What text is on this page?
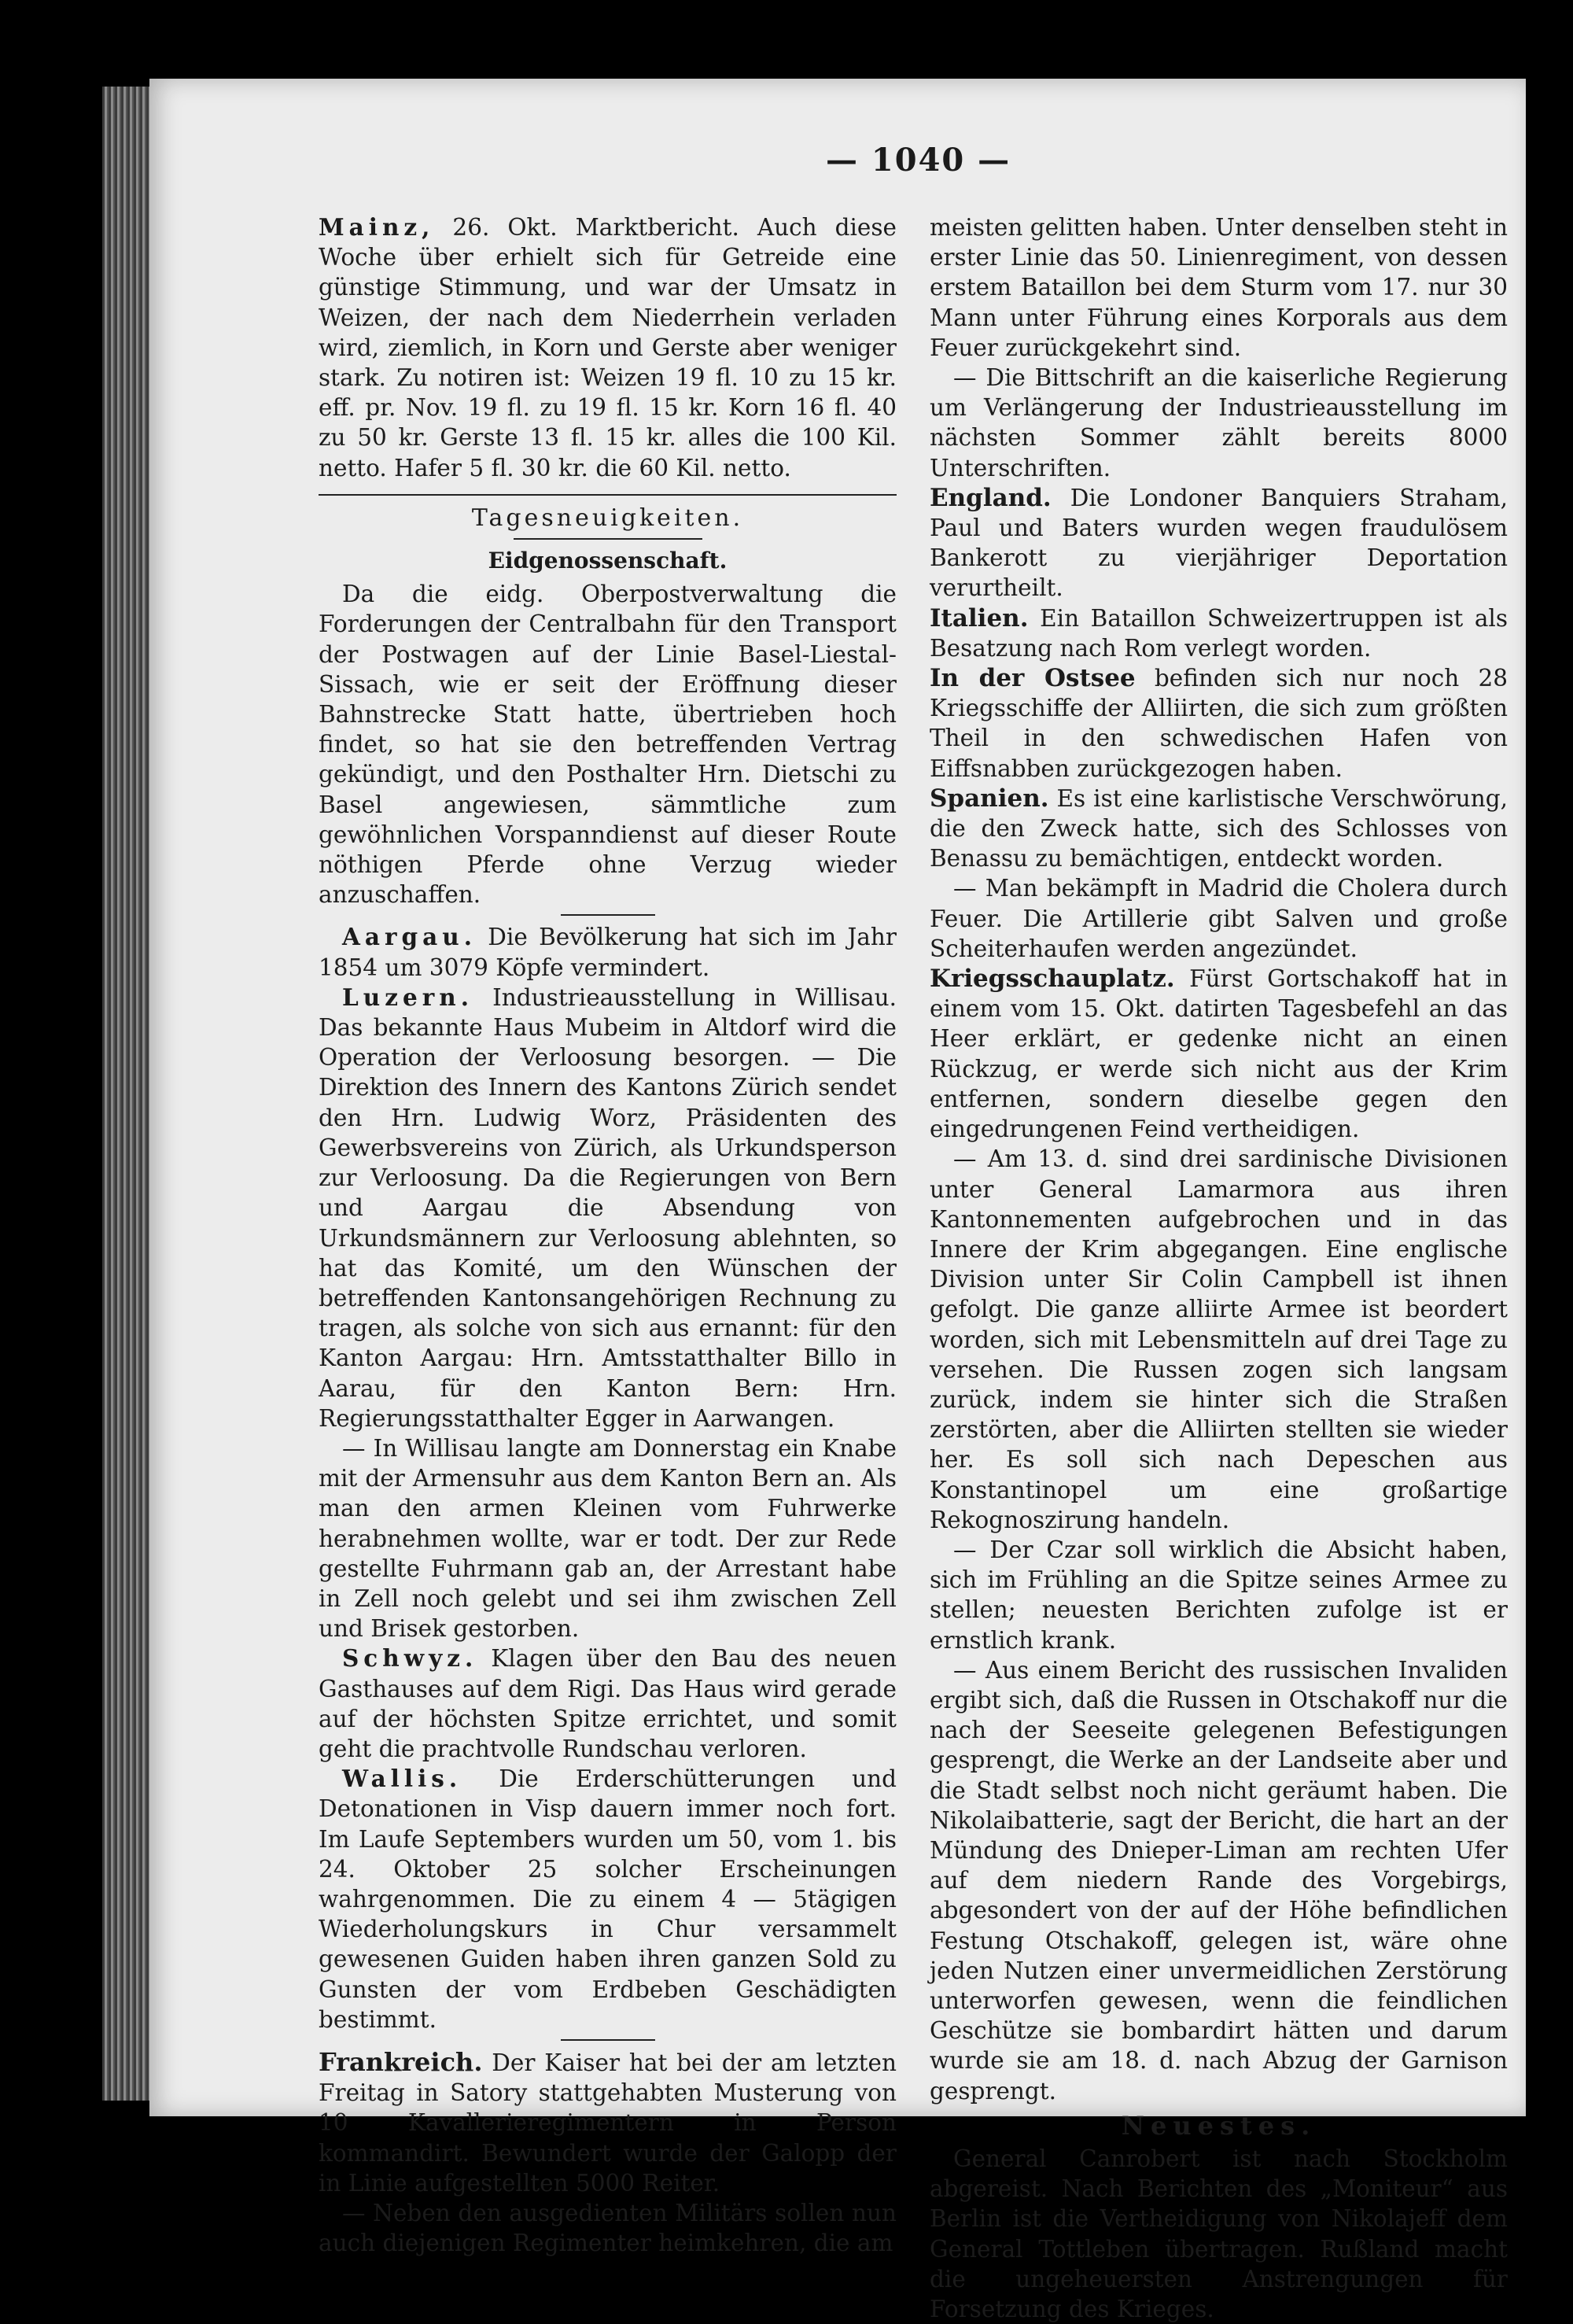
— 1040 —

Mainz, 26. Okt. Marktbericht. Auch diese Woche über erhielt sich für Getreide eine günstige Stimmung, und war der Umsatz in Weizen, der nach dem Niederrhein verladen wird, ziemlich, in Korn und Gerste aber weniger stark. Zu notiren ist: Weizen 19 fl. 10 zu 15 kr. eff. pr. Nov. 19 fl. zu 19 fl. 15 kr. Korn 16 fl. 40 zu 50 kr. Gerste 13 fl. 15 kr. alles die 100 Kil. netto. Hafer 5 fl. 30 kr. die 60 Kil. netto.

Tagesneuigkeiten.
Eidgenossenschaft.

Da die eidg. Oberpostverwaltung die Forderungen der Centralbahn für den Transport der Postwagen auf der Linie Basel-Liestal-Sissach, wie er seit der Eröffnung dieser Bahnstrecke Statt hatte, übertrieben hoch findet, so hat sie den betreffenden Vertrag gekündigt, und den Posthalter Hrn. Dietschi zu Basel angewiesen, sämmtliche zum gewöhnlichen Vorspanndienst auf dieser Route nöthigen Pferde ohne Verzug wieder anzuschaffen.

Aargau. Die Bevölkerung hat sich im Jahr 1854 um 3079 Köpfe vermindert.

Luzern. Industrieausstellung in Willisau. Das bekannte Haus Mubeim in Altdorf wird die Operation der Verloosung besorgen. — Die Direktion des Innern des Kantons Zürich sendet den Hrn. Ludwig Worz, Präsidenten des Gewerbsvereins von Zürich, als Urkundsperson zur Verloosung. Da die Regierungen von Bern und Aargau die Absendung von Urkundsmännern zur Verloosung ablehnten, so hat das Komité, um den Wünschen der betreffenden Kantonsangehörigen Rechnung zu tragen, als solche von sich aus ernannt: für den Kanton Aargau: Hrn. Amtsstatthalter Billo in Aarau, für den Kanton Bern: Hrn. Regierungsstatthalter Egger in Aarwangen.

— In Willisau langte am Donnerstag ein Knabe mit der Armensuhr aus dem Kanton Bern an. Als man den armen Kleinen vom Fuhrwerke herabnehmen wollte, war er todt. Der zur Rede gestellte Fuhrmann gab an, der Arrestant habe in Zell noch gelebt und sei ihm zwischen Zell und Brisek gestorben.

Schwyz. Klagen über den Bau des neuen Gasthauses auf dem Rigi. Das Haus wird gerade auf der höchsten Spitze errichtet, und somit geht die prachtvolle Rundschau verloren.

Wallis. Die Erderschütterungen und Detonationen in Visp dauern immer noch fort. Im Laufe Septembers wurden um 50, vom 1. bis 24. Oktober 25 solcher Erscheinungen wahrgenommen. Die zu einem 4 — 5tägigen Wiederholungskurs in Chur versammelt gewesenen Guiden haben ihren ganzen Sold zu Gunsten der vom Erdbeben Geschädigten bestimmt.

Frankreich. Der Kaiser hat bei der am letzten Freitag in Satory stattgehabten Musterung von 10 Kavallerieregimentern in Person kommandirt. Bewundert wurde der Galopp der in Linie aufgestellten 5000 Reiter.

— Neben den ausgedienten Militärs sollen nun auch diejenigen Regimenter heimkehren, die am

meisten gelitten haben. Unter denselben steht in erster Linie das 50. Linienregiment, von dessen erstem Bataillon bei dem Sturm vom 17. nur 30 Mann unter Führung eines Korporals aus dem Feuer zurückgekehrt sind.

— Die Bittschrift an die kaiserliche Regierung um Verlängerung der Industrieausstellung im nächsten Sommer zählt bereits 8000 Unterschriften.

England. Die Londoner Banquiers Straham, Paul und Baters wurden wegen fraudulösem Bankerott zu vierjähriger Deportation verurtheilt.

Italien. Ein Bataillon Schweizertruppen ist als Besatzung nach Rom verlegt worden.

In der Ostsee befinden sich nur noch 28 Kriegsschiffe der Alliirten, die sich zum größten Theil in den schwedischen Hafen von Eiffsnabben zurückgezogen haben.

Spanien. Es ist eine karlistische Verschwörung, die den Zweck hatte, sich des Schlosses von Benassu zu bemächtigen, entdeckt worden.

— Man bekämpft in Madrid die Cholera durch Feuer. Die Artillerie gibt Salven und große Scheiterhaufen werden angezündet.

Kriegsschauplatz. Fürst Gortschakoff hat in einem vom 15. Okt. datirten Tagesbefehl an das Heer erklärt, er gedenke nicht an einen Rückzug, er werde sich nicht aus der Krim entfernen, sondern dieselbe gegen den eingedrungenen Feind vertheidigen.

— Am 13. d. sind drei sardinische Divisionen unter General Lamarmora aus ihren Kantonnementen aufgebrochen und in das Innere der Krim abgegangen. Eine englische Division unter Sir Colin Campbell ist ihnen gefolgt. Die ganze alliirte Armee ist beordert worden, sich mit Lebensmitteln auf drei Tage zu versehen. Die Russen zogen sich langsam zurück, indem sie hinter sich die Straßen zerstörten, aber die Alliirten stellten sie wieder her. Es soll sich nach Depeschen aus Konstantinopel um eine großartige Rekognoszirung handeln.

— Der Czar soll wirklich die Absicht haben, sich im Frühling an die Spitze seines Armee zu stellen; neuesten Berichten zufolge ist er ernstlich krank.

— Aus einem Bericht des russischen Invaliden ergibt sich, daß die Russen in Otschakoff nur die nach der Seeseite gelegenen Befestigungen gesprengt, die Werke an der Landseite aber und die Stadt selbst noch nicht geräumt haben. Die Nikolaibatterie, sagt der Bericht, die hart an der Mündung des Dnieper-Liman am rechten Ufer auf dem niedern Rande des Vorgebirgs, abgesondert von der auf der Höhe befindlichen Festung Otschakoff, gelegen ist, wäre ohne jeden Nutzen einer unvermeidlichen Zerstörung unterworfen gewesen, wenn die feindlichen Geschütze sie bombardirt hätten und darum wurde sie am 18. d. nach Abzug der Garnison gesprengt.

Neuestes.

General Canrobert ist nach Stockholm abgereist. Nach Berichten des „Moniteur“ aus Berlin ist die Vertheidigung von Nikolajeff dem General Tottleben übertragen. Rußland macht die ungeheuersten Anstrengungen für Forsetzung des Krieges.
